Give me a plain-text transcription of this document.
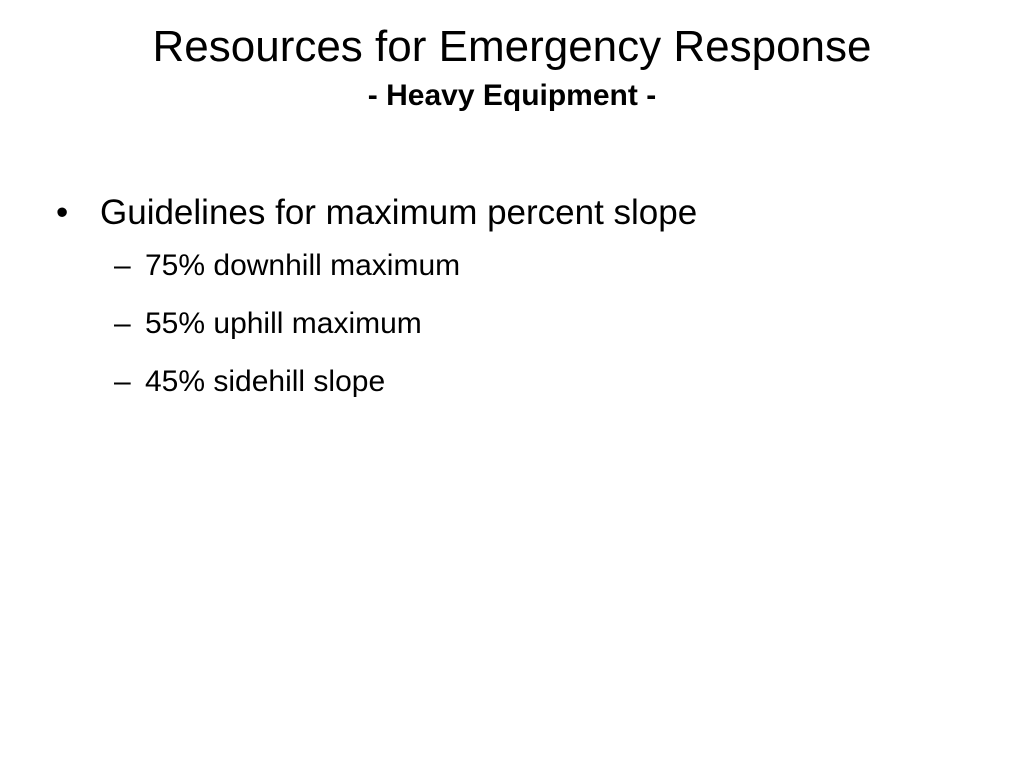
Resources for Emergency Response
- Heavy Equipment -
• Guidelines for maximum percent slope
– 75% downhill maximum
– 55% uphill maximum
– 45% sidehill slope
